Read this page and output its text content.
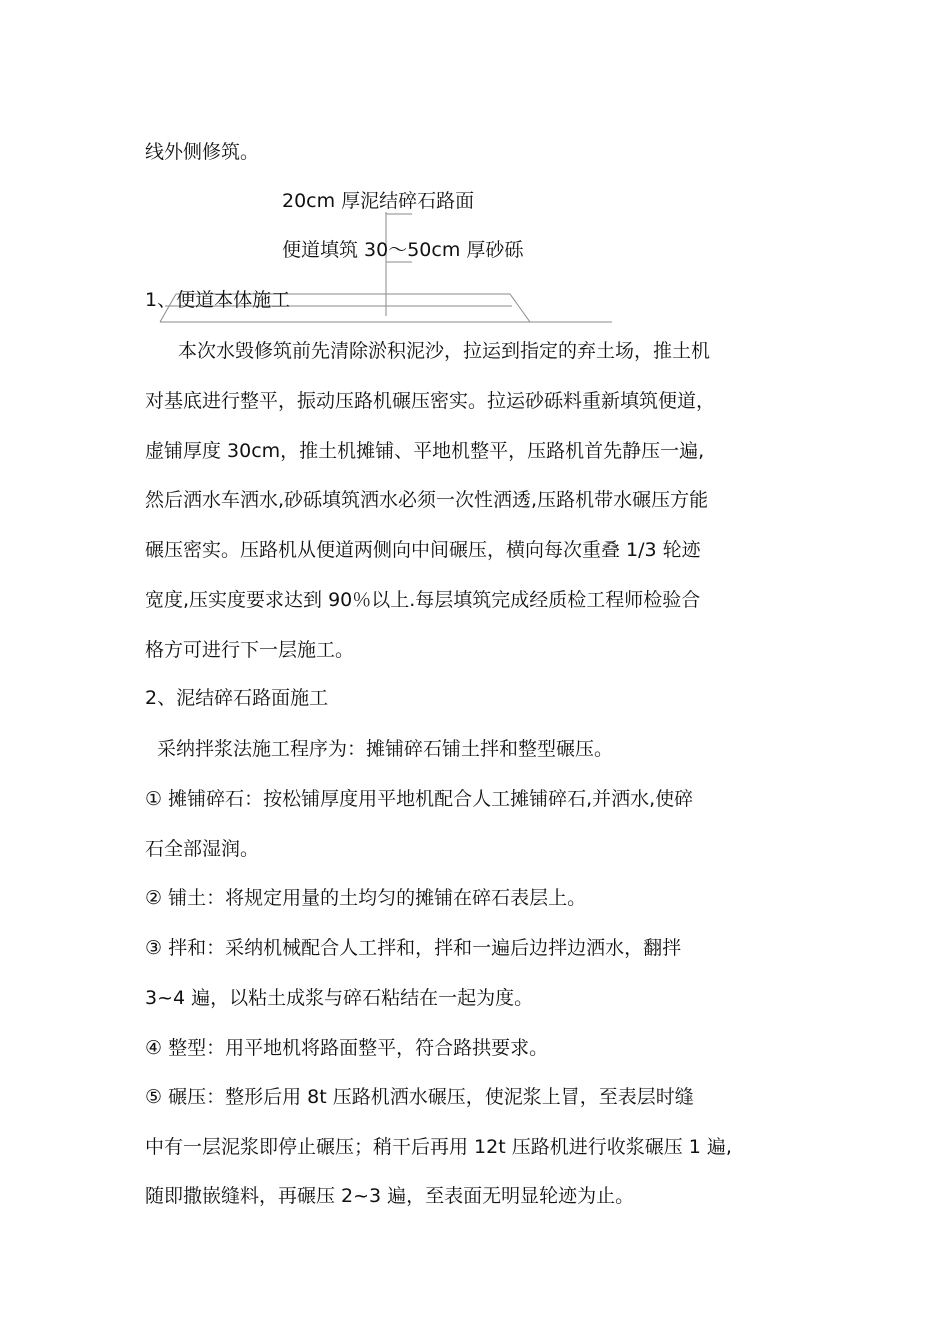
线外侧修筑。
20cm 厚泥结碎石路面
便道填筑 30～50cm 厚砂砾
1、便道本体施工
本次水毁修筑前先清除淤积泥沙，拉运到指定的弃土场，推土机
对基底进行整平，振动压路机碾压密实。拉运砂砾料重新填筑便道，
虚铺厚度 30cm，推土机摊铺、平地机整平，压路机首先静压一遍,
然后洒水车洒水,砂砾填筑洒水必须一次性洒透,压路机带水碾压方能
碾压密实。压路机从便道两侧向中间碾压，横向每次重叠 1/3 轮迹
宽度,压实度要求达到 90％以上.每层填筑完成经质检工程师检验合
格方可进行下一层施工。
2、泥结碎石路面施工
采纳拌浆法施工程序为：摊铺碎石铺土拌和整型碾压。
① 摊铺碎石：按松铺厚度用平地机配合人工摊铺碎石,并洒水,使碎
石全部湿润。
② 铺土：将规定用量的土均匀的摊铺在碎石表层上。
③ 拌和：采纳机械配合人工拌和，拌和一遍后边拌边洒水，翻拌
3~4 遍，以粘土成浆与碎石粘结在一起为度。
④ 整型：用平地机将路面整平，符合路拱要求。
⑤ 碾压：整形后用 8t 压路机洒水碾压，使泥浆上冒，至表层时缝
中有一层泥浆即停止碾压；稍干后再用 12t 压路机进行收浆碾压 1 遍,
随即撒嵌缝料，再碾压 2~3 遍，至表面无明显轮迹为止。
